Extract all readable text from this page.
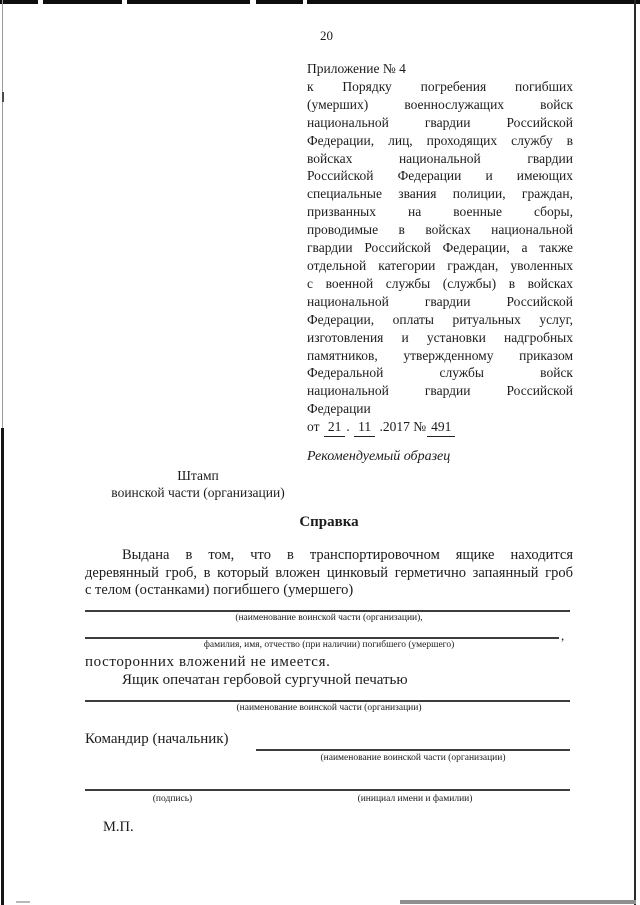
20
Приложение № 4
к Порядку погребения погибших
(умерших) военнослужащих войск
национальной гвардии Российской
Федерации, лиц, проходящих службу в
войсках национальной гвардии
Российской Федерации и имеющих
специальные звания полиции, граждан,
призванных на военные сборы,
проводимые в войсках национальной
гвардии Российской Федерации, а также
отдельной категории граждан, уволенных
с военной службы (службы) в войсках
национальной гвардии Российской
Федерации, оплаты ритуальных услуг,
изготовления и установки надгробных
памятников, утвержденному приказом
Федеральной службы войск
национальной гвардии Российской
Федерации
от 21 . 11 .2017 № 491
Рекомендуемый образец
Штамп
воинской части (организации)
Справка
Выдана в том, что в транспортировочном ящике находится
деревянный гроб, в который вложен цинковый герметично запаянный гроб
с телом (останками) погибшего (умершего)
(наименование воинской части (организации),
,
фамилия, имя, отчество (при наличии) погибшего (умершего)
посторонних вложений не имеется.
Ящик опечатан гербовой сургучной печатью
(наименование воинской части (организации)
Командир (начальник)
(наименование воинской части (организации)
(подпись)	(инициал имени и фамилии)
М.П.
